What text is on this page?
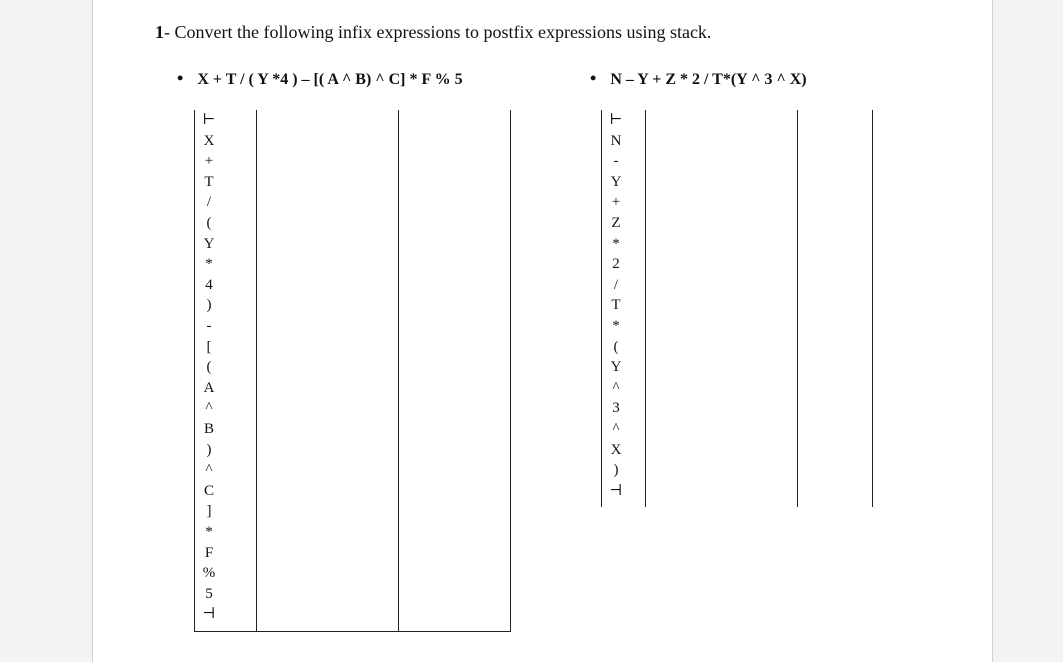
1- Convert the following infix expressions to postfix expressions using stack.
• X + T / ( Y *4 ) – [( A ^ B) ^ C] * F % 5	• N – Y + Z * 2 / T*(Y ^ 3 ^ X)
⊢
X
+
T
/
(
Y
*
4
)
-
[
(
A
^
B
)
^
C
]
*
F
%
5
⊣
⊢
N
-
Y
+
Z
*
2
/
T
*
(
Y
^
3
^
X
)
⊣
